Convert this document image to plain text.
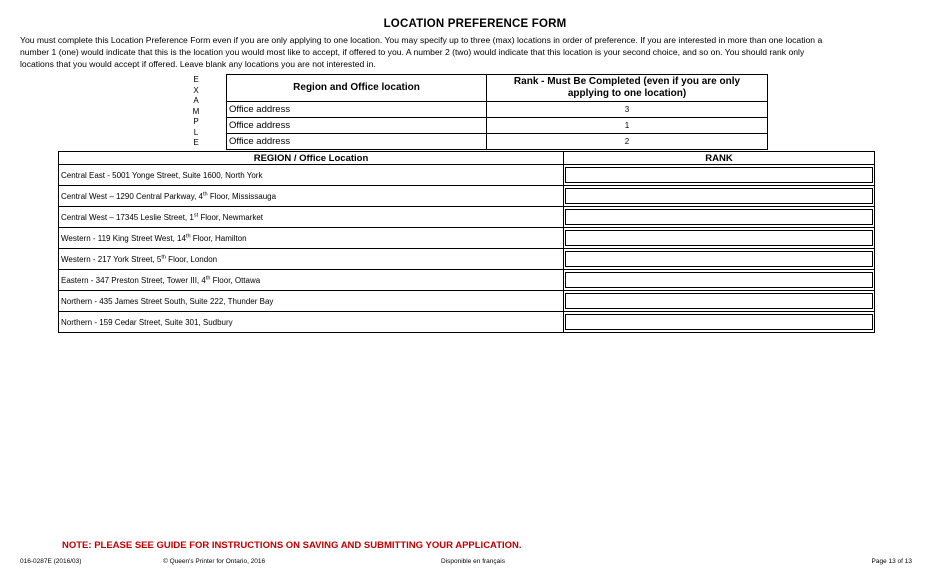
LOCATION PREFERENCE FORM

You must complete this Location Preference Form even if you are only applying to one location. You may specify up to three (max) locations in order of preference. If you are interested in more than one location a

number 1 (one) would indicate that this is the location you would most like to accept, if offered to you. A number 2 (two) would indicate that this location is your second choice, and so on. You should rank only

locations that you would accept if offered. Leave blank any locations you are not interested in.

E
X
A
M
P
L
E
Region and Office location	Rank - Must Be Completed (even if you are only
applying to one location)
Office address	3
Office address	1
Office address	2
REGION / Office Location	RANK
Central East - 5001 Yonge Street, Suite 1600, North York	

Central West – 1290 Central Parkway, 4th Floor, Mississauga	

Central West – 17345 Leslie Street, 1st Floor, Newmarket	

Western - 119 King Street West, 14th Floor, Hamilton	

Western - 217 York Street, 5th Floor, London	

Eastern - 347 Preston Street, Tower III, 4th Floor, Ottawa	

Northern - 435 James Street South, Suite 222, Thunder Bay	

Northern - 159 Cedar Street, Suite 301, Sudbury	
NOTE: PLEASE SEE GUIDE FOR INSTRUCTIONS ON SAVING AND SUBMITTING YOUR APPLICATION.
016-0287E (2016/03)	© Queen's Printer for Ontario, 2016	Disponible en français	Page 13 of 13
